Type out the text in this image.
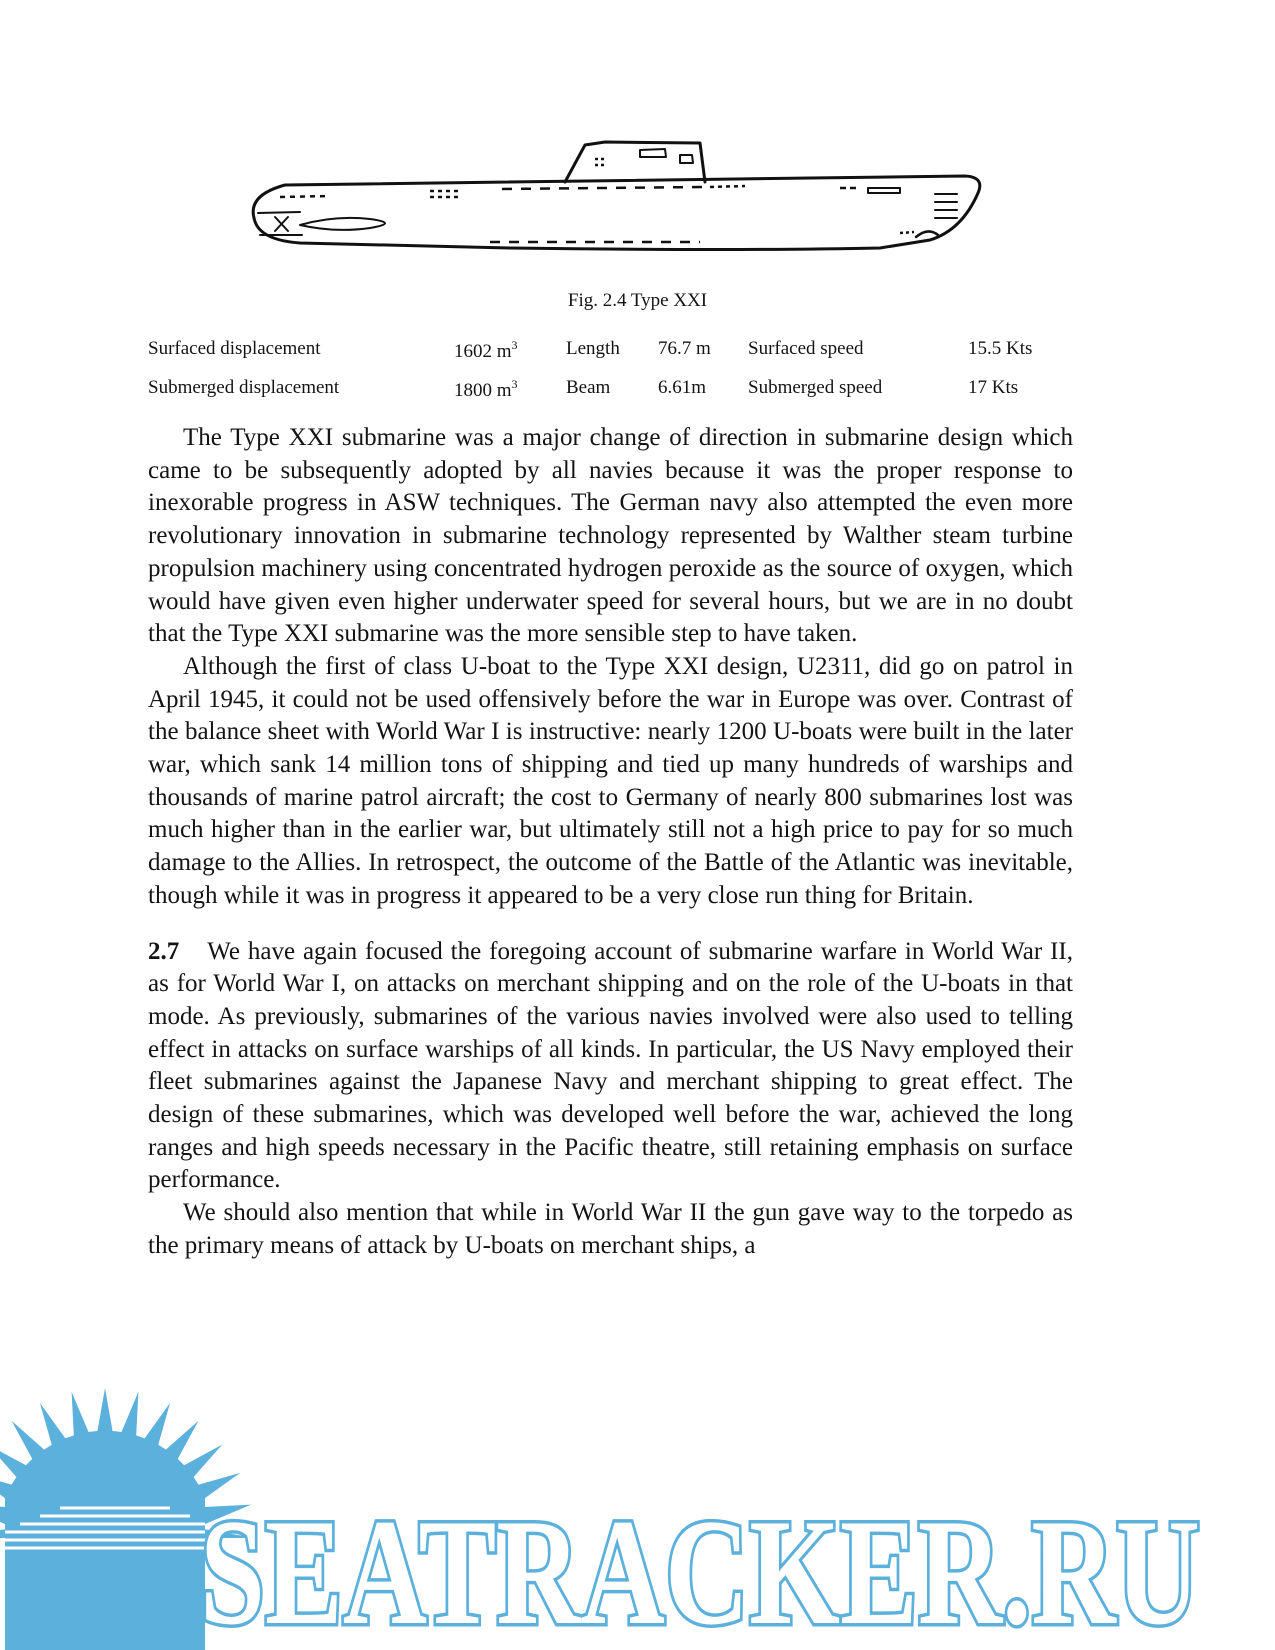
Fig. 2.4 Type XXI
Surfaced displacement	1602 $m^3$	Length	76.7 m	Surfaced speed	15.5 Kts
Submerged displacement	1800 $m^3$	Beam	6.61m	Submerged speed	17 Kts

The Type XXI submarine was a major change of direction in submarine design which came to be subsequently adopted by all navies because it was the proper response to inexorable progress in ASW techniques. The German navy also attempted the even more revolutionary innovation in submarine technology represented by Walther steam turbine propulsion machinery using concentrated hydrogen peroxide as the source of oxygen, which would have given even higher underwater speed for several hours, but we are in no doubt that the Type XXI submarine was the more sensible step to have taken.

Although the first of class U-boat to the Type XXI design, U2311, did go on patrol in April 1945, it could not be used offensively before the war in Europe was over. Contrast of the balance sheet with World War I is instructive: nearly 1200 U-boats were built in the later war, which sank 14 million tons of shipping and tied up many hundreds of warships and thousands of marine patrol aircraft; the cost to Germany of nearly 800 submarines lost was much higher than in the earlier war, but ultimately still not a high price to pay for so much damage to the Allies. In retrospect, the outcome of the Battle of the Atlantic was inevitable, though while it was in progress it appeared to be a very close run thing for Britain.

2.7 We have again focused the foregoing account of submarine warfare in World War II, as for World War I, on attacks on merchant shipping and on the role of the U-boats in that mode. As previously, submarines of the various navies involved were also used to telling effect in attacks on surface warships of all kinds. In particular, the US Navy employed their fleet submarines against the Japanese Navy and merchant shipping to great effect. The design of these submarines, which was developed well before the war, achieved the long ranges and high speeds necessary in the Pacific theatre, still retaining emphasis on surface performance.

We should also mention that while in World War II the gun gave way to the torpedo as the primary means of attack by U-boats on merchant ships, a

SEATRACKER.RU
